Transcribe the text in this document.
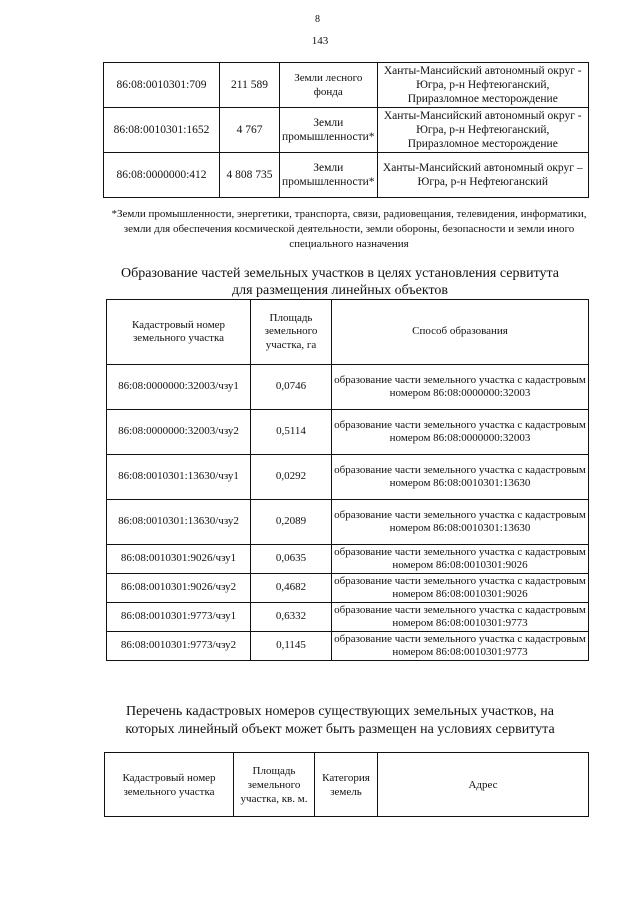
8
143
86:08:0010301:709	211 589	Земли лесного фонда	Ханты-Мансийский автономный округ - Югра, р-н Нефтеюганский, Приразломное месторождение
86:08:0010301:1652	4 767	Земли промышленности*	Ханты-Мансийский автономный округ - Югра, р-н Нефтеюганский, Приразломное месторождение
86:08:0000000:412	4 808 735	Земли промышленности*	Ханты-Мансийский автономный округ – Югра, р-н Нефтеюганский
*Земли промышленности, энергетики, транспорта, связи, радиовещания, телевидения, информатики, земли для обеспечения космической деятельности, земли обороны, безопасности и земли иного специального назначения
Образование частей земельных участков в целях установления сервитута
для размещения линейных объектов
Кадастровый номер земельного участка	Площадь земельного участка, га	Способ образования
86:08:0000000:32003/чзу1	0,0746	образование части земельного участка с кадастровым номером 86:08:0000000:32003
86:08:0000000:32003/чзу2	0,5114	образование части земельного участка с кадастровым номером 86:08:0000000:32003
86:08:0010301:13630/чзу1	0,0292	образование части земельного участка с кадастровым номером 86:08:0010301:13630
86:08:0010301:13630/чзу2	0,2089	образование части земельного участка с кадастровым номером 86:08:0010301:13630
86:08:0010301:9026/чзу1	0,0635	образование части земельного участка с кадастровым номером 86:08:0010301:9026
86:08:0010301:9026/чзу2	0,4682	образование части земельного участка с кадастровым номером 86:08:0010301:9026
86:08:0010301:9773/чзу1	0,6332	образование части земельного участка с кадастровым номером 86:08:0010301:9773
86:08:0010301:9773/чзу2	0,1145	образование части земельного участка с кадастровым номером 86:08:0010301:9773
Перечень кадастровых номеров существующих земельных участков, на
которых линейный объект может быть размещен на условиях сервитута
Кадастровый номер земельного участка	Площадь земельного участка, кв. м.	Категория земель	Адрес
